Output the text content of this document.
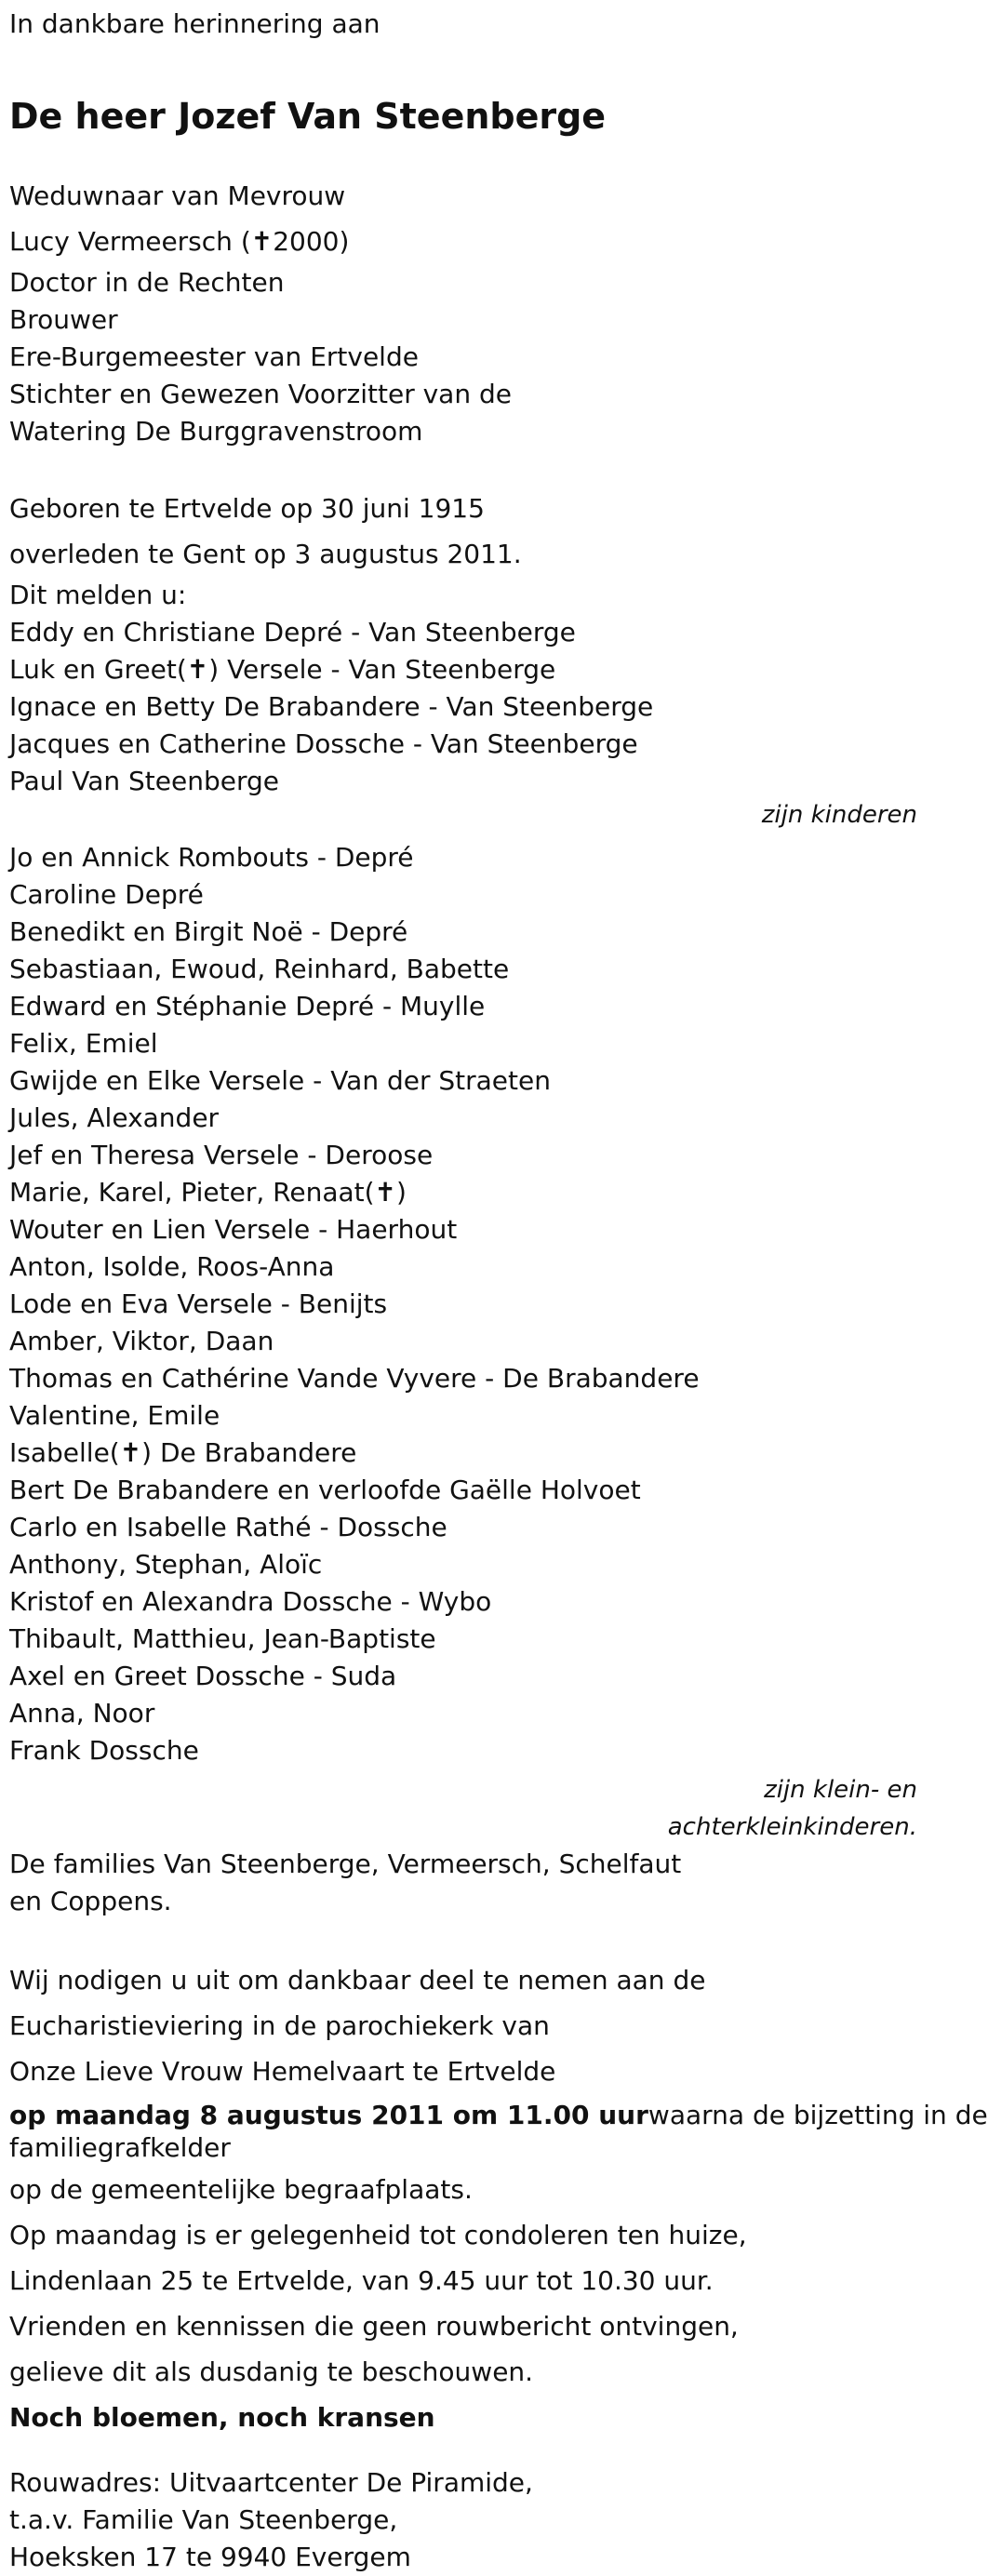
In dankbare herinnering aan

De heer Jozef Van Steenberge

Weduwnaar van Mevrouw

Lucy Vermeersch (✝2000)

Doctor in de Rechten

Brouwer

Ere-Burgemeester van Ertvelde

Stichter en Gewezen Voorzitter van de

Watering De Burggravenstroom

Geboren te Ertvelde op 30 juni 1915

overleden te Gent op 3 augustus 2011.

Dit melden u:

Eddy en Christiane Depré - Van Steenberge

Luk en Greet(✝) Versele - Van Steenberge

Ignace en Betty De Brabandere - Van Steenberge

Jacques en Catherine Dossche - Van Steenberge

Paul Van Steenberge

zijn kinderen

Jo en Annick Rombouts - Depré

Caroline Depré

Benedikt en Birgit Noë - Depré

Sebastiaan, Ewoud, Reinhard, Babette

Edward en Stéphanie Depré - Muylle

Felix, Emiel

Gwijde en Elke Versele - Van der Straeten

Jules, Alexander

Jef en Theresa Versele - Deroose

Marie, Karel, Pieter, Renaat(✝)

Wouter en Lien Versele - Haerhout

Anton, Isolde, Roos-Anna

Lode en Eva Versele - Benijts

Amber, Viktor, Daan

Thomas en Cathérine Vande Vyvere - De Brabandere

Valentine, Emile

Isabelle(✝) De Brabandere

Bert De Brabandere en verloofde Gaëlle Holvoet

Carlo en Isabelle Rathé - Dossche

Anthony, Stephan, Aloïc

Kristof en Alexandra Dossche - Wybo

Thibault, Matthieu, Jean-Baptiste

Axel en Greet Dossche - Suda

Anna, Noor

Frank Dossche

zijn klein- en

achterkleinkinderen.

De families Van Steenberge, Vermeersch, Schelfaut

en Coppens.

Wij nodigen u uit om dankbaar deel te nemen aan de

Eucharistieviering in de parochiekerk van

Onze Lieve Vrouw Hemelvaart te Ertvelde

op maandag 8 augustus 2011 om 11.00 uurwaarna de bijzetting in de

familiegrafkelder

op de gemeentelijke begraafplaats.

Op maandag is er gelegenheid tot condoleren ten huize,

Lindenlaan 25 te Ertvelde, van 9.45 uur tot 10.30 uur.

Vrienden en kennissen die geen rouwbericht ontvingen,

gelieve dit als dusdanig te beschouwen.

Noch bloemen, noch kransen

Rouwadres: Uitvaartcenter De Piramide,

t.a.v. Familie Van Steenberge,

Hoeksken 17 te 9940 Evergem
